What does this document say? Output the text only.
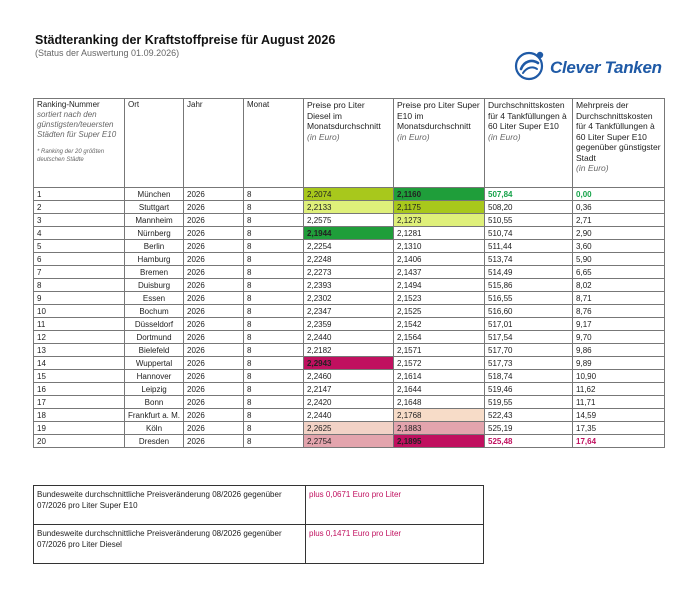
Städteranking der Kraftstoffpreise für August 2026
(Status der Auswertung 01.09.2026)
Clever Tanken
Ranking-Nummer
sortiert nach den günstigsten/teuersten Städten für Super E10
* Ranking der 20 größten deutschen Städte	Ort	Jahr	Monat	Preise pro Liter Diesel im Monatsdurchschnitt
(in Euro)	Preise pro Liter Super E10 im Monatsdurchschnitt
(in Euro)	Durchschnittskosten für 4 Tankfüllungen à 60 Liter Super E10
(in Euro)	Mehrpreis der Durchschnittskosten für 4 Tankfüllungen à 60 Liter Super E10 gegenüber günstigster Stadt
(in Euro)
1	München	2026	8	2,2074	2,1160	507,84	0,00
2	Stuttgart	2026	8	2,2133	2,1175	508,20	0,36
3	Mannheim	2026	8	2,2575	2,1273	510,55	2,71
4	Nürnberg	2026	8	2,1944	2,1281	510,74	2,90
5	Berlin	2026	8	2,2254	2,1310	511,44	3,60
6	Hamburg	2026	8	2,2248	2,1406	513,74	5,90
7	Bremen	2026	8	2,2273	2,1437	514,49	6,65
8	Duisburg	2026	8	2,2393	2,1494	515,86	8,02
9	Essen	2026	8	2,2302	2,1523	516,55	8,71
10	Bochum	2026	8	2,2347	2,1525	516,60	8,76
11	Düsseldorf	2026	8	2,2359	2,1542	517,01	9,17
12	Dortmund	2026	8	2,2440	2,1564	517,54	9,70
13	Bielefeld	2026	8	2,2182	2,1571	517,70	9,86
14	Wuppertal	2026	8	2,2943	2,1572	517,73	9,89
15	Hannover	2026	8	2,2460	2,1614	518,74	10,90
16	Leipzig	2026	8	2,2147	2,1644	519,46	11,62
17	Bonn	2026	8	2,2420	2,1648	519,55	11,71
18	Frankfurt a. M.	2026	8	2,2440	2,1768	522,43	14,59
19	Köln	2026	8	2,2625	2,1883	525,19	17,35
20	Dresden	2026	8	2,2754	2,1895	525,48	17,64
Bundesweite durchschnittliche Preisveränderung 08/2026 gegenüber 07/2026 pro Liter Super E10	plus 0,0671 Euro pro Liter
Bundesweite durchschnittliche Preisveränderung 08/2026 gegenüber 07/2026 pro Liter Diesel	plus 0,1471 Euro pro Liter
